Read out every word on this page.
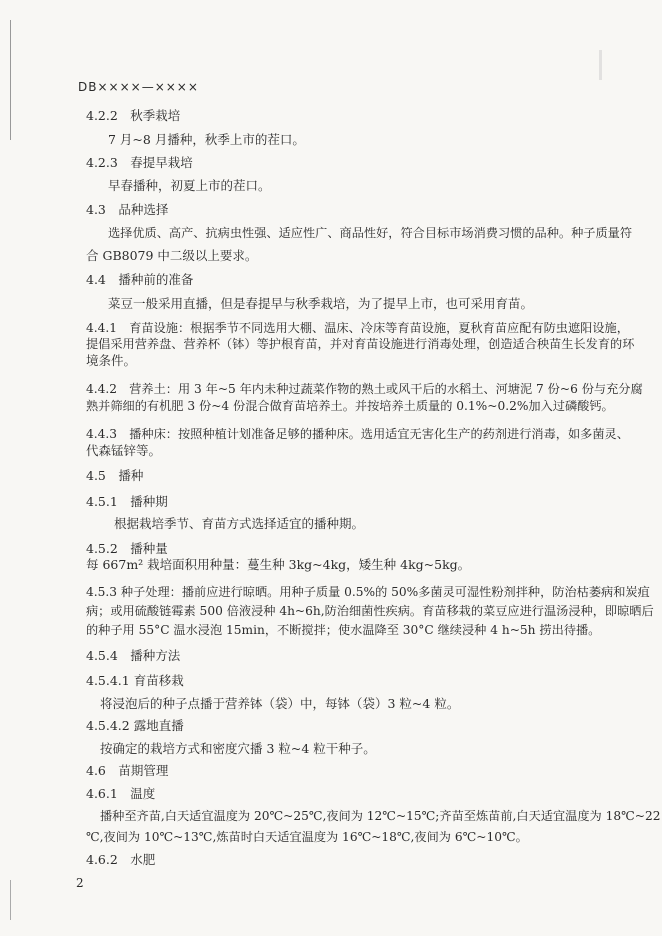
DB××××—××××
4.2.2　秋季栽培
7 月~8 月播种，秋季上市的茬口。
4.2.3　春提早栽培
早春播种，初夏上市的茬口。
4.3　品种选择
选择优质、高产、抗病虫性强、适应性广、商品性好，符合目标市场消费习惯的品种。种子质量符
合 GB8079 中二级以上要求。
4.4　播种前的准备
菜豆一般采用直播，但是春提早与秋季栽培，为了提早上市，也可采用育苗。
4.4.1　育苗设施：根据季节不同选用大棚、温床、冷床等育苗设施，夏秋育苗应配有防虫遮阳设施，
提倡采用营养盘、营养杯（钵）等护根育苗，并对育苗设施进行消毒处理，创造适合秧苗生长发育的环
境条件。
4.4.2　营养土：用 3 年~5 年内未种过蔬菜作物的熟土或风干后的水稻土、河塘泥 7 份~6 份与充分腐
熟并筛细的有机肥 3 份~4 份混合做育苗培养土。并按培养土质量的 0.1%~0.2%加入过磷酸钙。
4.4.3　播种床：按照种植计划准备足够的播种床。选用适宜无害化生产的药剂进行消毒，如多菌灵、
代森锰锌等。
4.5　播种
4.5.1　播种期
根据栽培季节、育苗方式选择适宜的播种期。
4.5.2　播种量
每 667m² 栽培面积用种量：蔓生种 3kg~4kg，矮生种 4kg~5kg。
4.5.3 种子处理：播前应进行晾晒。用种子质量 0.5%的 50%多菌灵可湿性粉剂拌种，防治枯萎病和炭疽
病；或用硫酸链霉素 500 倍液浸种 4h~6h,防治细菌性疾病。育苗移栽的菜豆应进行温汤浸种，即晾晒后
的种子用 55°C 温水浸泡 15min，不断搅拌；使水温降至 30°C 继续浸种 4 h~5h 捞出待播。
4.5.4　播种方法
4.5.4.1 育苗移栽
将浸泡后的种子点播于营养钵（袋）中，每钵（袋）3 粒~4 粒。
4.5.4.2 露地直播
按确定的栽培方式和密度穴播 3 粒~4 粒干种子。
4.6　苗期管理
4.6.1　温度
播种至齐苗,白天适宜温度为 20℃~25℃,夜间为 12℃~15℃;齐苗至炼苗前,白天适宜温度为 18℃~22
℃,夜间为 10℃~13℃,炼苗时白天适宜温度为 16℃~18℃,夜间为 6℃~10℃。
4.6.2　水肥
2
